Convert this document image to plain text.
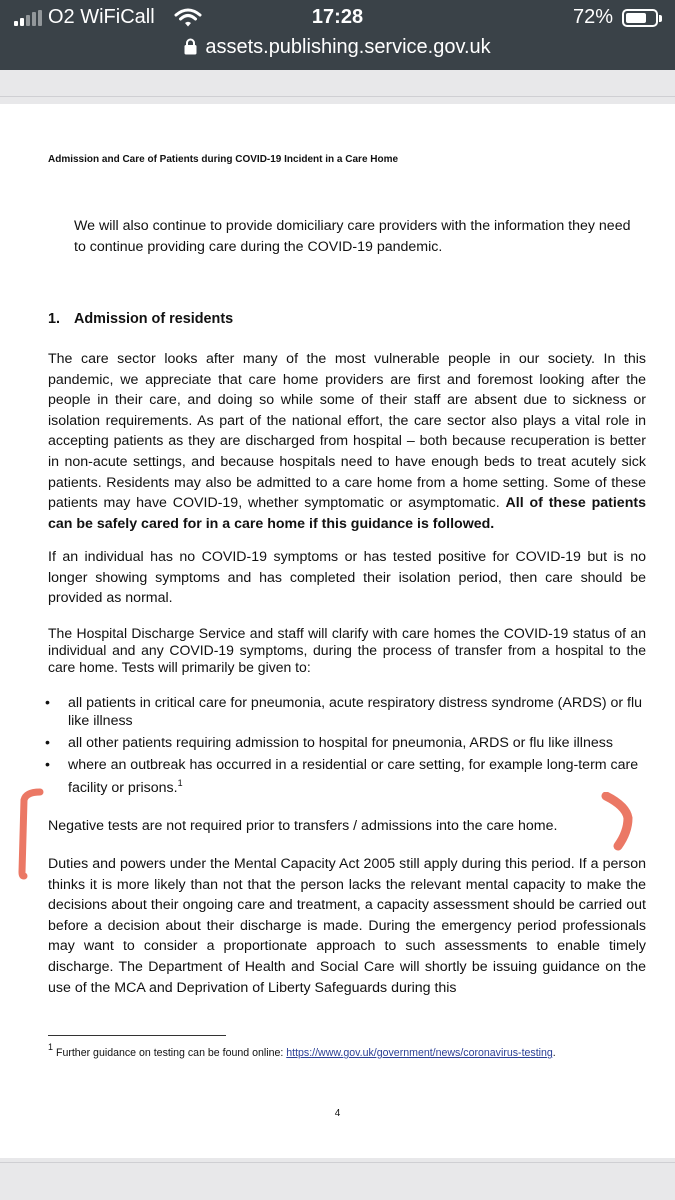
O2 WiFiCall	17:28	72%
assets.publishing.service.gov.uk
Admission and Care of Patients during COVID-19 Incident in a Care Home
We will also continue to provide domiciliary care providers with the information they need to continue providing care during the COVID-19 pandemic.
1. Admission of residents
The care sector looks after many of the most vulnerable people in our society. In this pandemic, we appreciate that care home providers are first and foremost looking after the people in their care, and doing so while some of their staff are absent due to sickness or isolation requirements. As part of the national effort, the care sector also plays a vital role in accepting patients as they are discharged from hospital – both because recuperation is better in non-acute settings, and because hospitals need to have enough beds to treat acutely sick patients. Residents may also be admitted to a care home from a home setting. Some of these patients may have COVID-19, whether symptomatic or asymptomatic. All of these patients can be safely cared for in a care home if this guidance is followed.
If an individual has no COVID-19 symptoms or has tested positive for COVID-19 but is no longer showing symptoms and has completed their isolation period, then care should be provided as normal.
The Hospital Discharge Service and staff will clarify with care homes the COVID-19 status of an individual and any COVID-19 symptoms, during the process of transfer from a hospital to the care home. Tests will primarily be given to:
• all patients in critical care for pneumonia, acute respiratory distress syndrome (ARDS) or flu like illness
• all other patients requiring admission to hospital for pneumonia, ARDS or flu like illness
• where an outbreak has occurred in a residential or care setting, for example long-term care facility or prisons.$^1$
Negative tests are not required prior to transfers / admissions into the care home.
Duties and powers under the Mental Capacity Act 2005 still apply during this period. If a person thinks it is more likely than not that the person lacks the relevant mental capacity to make the decisions about their ongoing care and treatment, a capacity assessment should be carried out before a decision about their discharge is made. During the emergency period professionals may want to consider a proportionate approach to such assessments to enable timely discharge. The Department of Health and Social Care will shortly be issuing guidance on the use of the MCA and Deprivation of Liberty Safeguards during this
$^1$ Further guidance on testing can be found online: https://www.gov.uk/government/news/coronavirus-testing.
4
